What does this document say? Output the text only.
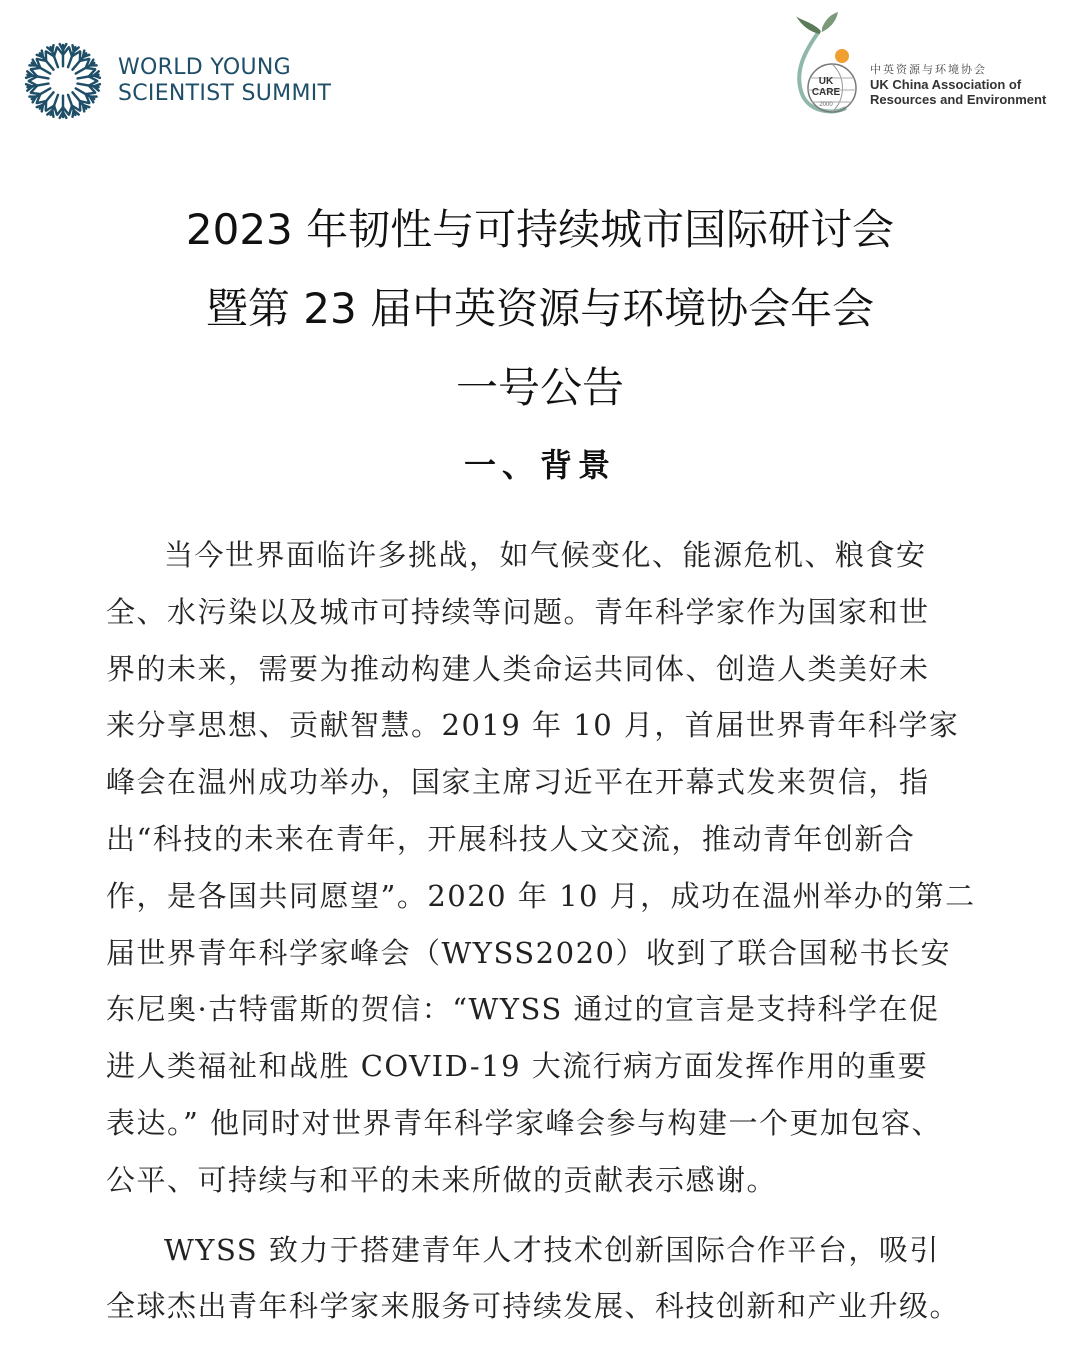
WORLD YOUNG
SCIENTIST SUMMIT	UK
CARE
2000
中英资源与环境协会
UK China Association of
Resources and Environment
2023 年韧性与可持续城市国际研讨会
暨第 23 届中英资源与环境协会年会
一号公告
一、背景
当今世界面临许多挑战，如气候变化、能源危机、粮食安
全、水污染以及城市可持续等问题。青年科学家作为国家和世
界的未来，需要为推动构建人类命运共同体、创造人类美好未
来分享思想、贡献智慧。2019 年 10 月，首届世界青年科学家
峰会在温州成功举办，国家主席习近平在开幕式发来贺信，指
出“科技的未来在青年，开展科技人文交流，推动青年创新合
作，是各国共同愿望”。2020 年 10 月，成功在温州举办的第二
届世界青年科学家峰会（WYSS2020）收到了联合国秘书长安
东尼奥·古特雷斯的贺信：“WYSS 通过的宣言是支持科学在促
进人类福祉和战胜 COVID-19 大流行病方面发挥作用的重要
表达。” 他同时对世界青年科学家峰会参与构建一个更加包容、
公平、可持续与和平的未来所做的贡献表示感谢。
WYSS 致力于搭建青年人才技术创新国际合作平台，吸引
全球杰出青年科学家来服务可持续发展、科技创新和产业升级。
